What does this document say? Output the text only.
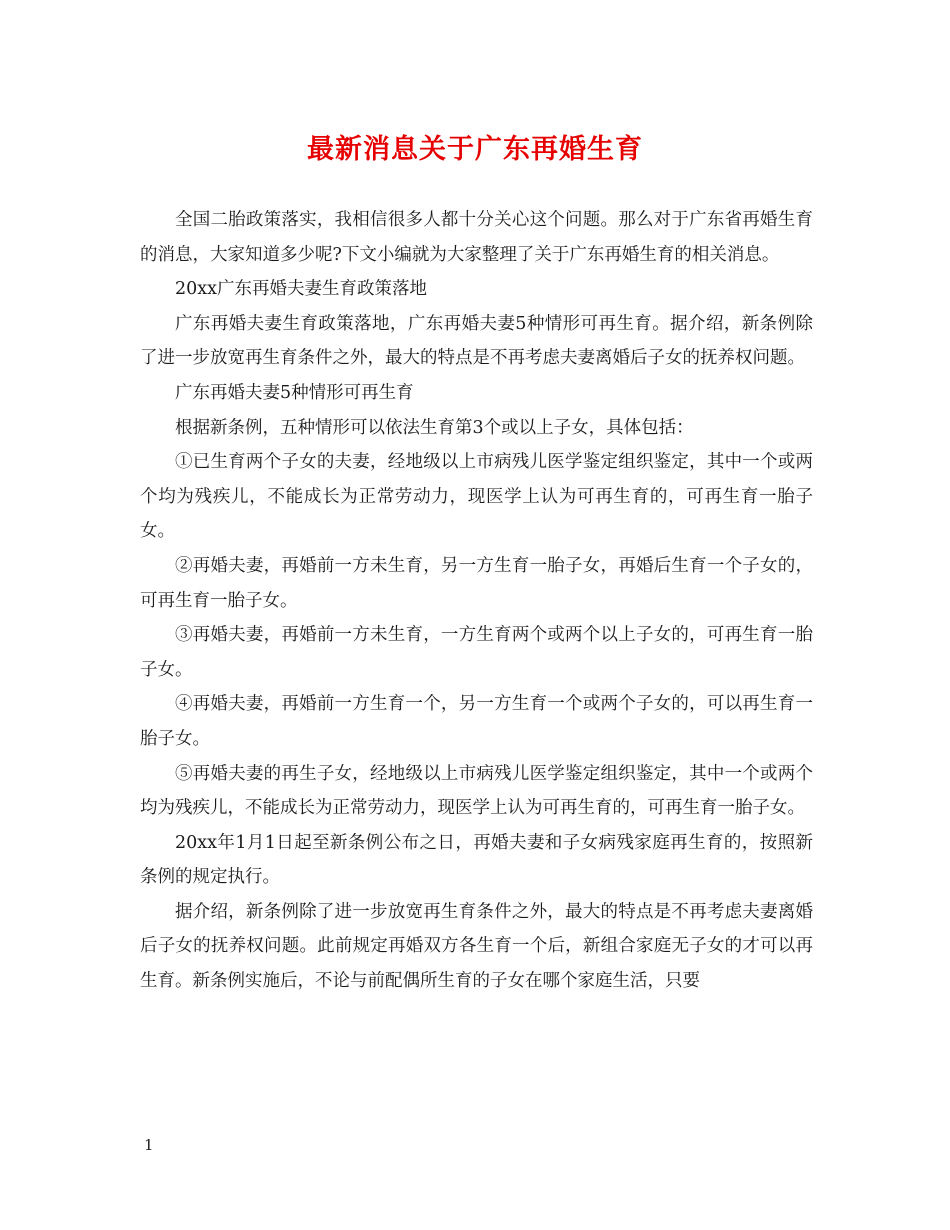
最新消息关于广东再婚生育

全国二胎政策落实，我相信很多人都十分关心这个问题。那么对于广东省再婚生育的消息，大家知道多少呢?下文小编就为大家整理了关于广东再婚生育的相关消息。

20xx广东再婚夫妻生育政策落地

广东再婚夫妻生育政策落地，广东再婚夫妻5种情形可再生育。据介绍，新条例除了进一步放宽再生育条件之外，最大的特点是不再考虑夫妻离婚后子女的抚养权问题。

广东再婚夫妻5种情形可再生育

根据新条例，五种情形可以依法生育第3个或以上子女，具体包括：

①已生育两个子女的夫妻，经地级以上市病残儿医学鉴定组织鉴定，其中一个或两个均为残疾儿，不能成长为正常劳动力，现医学上认为可再生育的，可再生育一胎子女。

②再婚夫妻，再婚前一方未生育，另一方生育一胎子女，再婚后生育一个子女的，可再生育一胎子女。

③再婚夫妻，再婚前一方未生育，一方生育两个或两个以上子女的，可再生育一胎子女。

④再婚夫妻，再婚前一方生育一个，另一方生育一个或两个子女的，可以再生育一胎子女。

⑤再婚夫妻的再生子女，经地级以上市病残儿医学鉴定组织鉴定，其中一个或两个均为残疾儿，不能成长为正常劳动力，现医学上认为可再生育的，可再生育一胎子女。

20xx年1月1日起至新条例公布之日，再婚夫妻和子女病残家庭再生育的，按照新条例的规定执行。

据介绍，新条例除了进一步放宽再生育条件之外，最大的特点是不再考虑夫妻离婚后子女的抚养权问题。此前规定再婚双方各生育一个后，新组合家庭无子女的才可以再生育。新条例实施后，不论与前配偶所生育的子女在哪个家庭生活，只要

1
